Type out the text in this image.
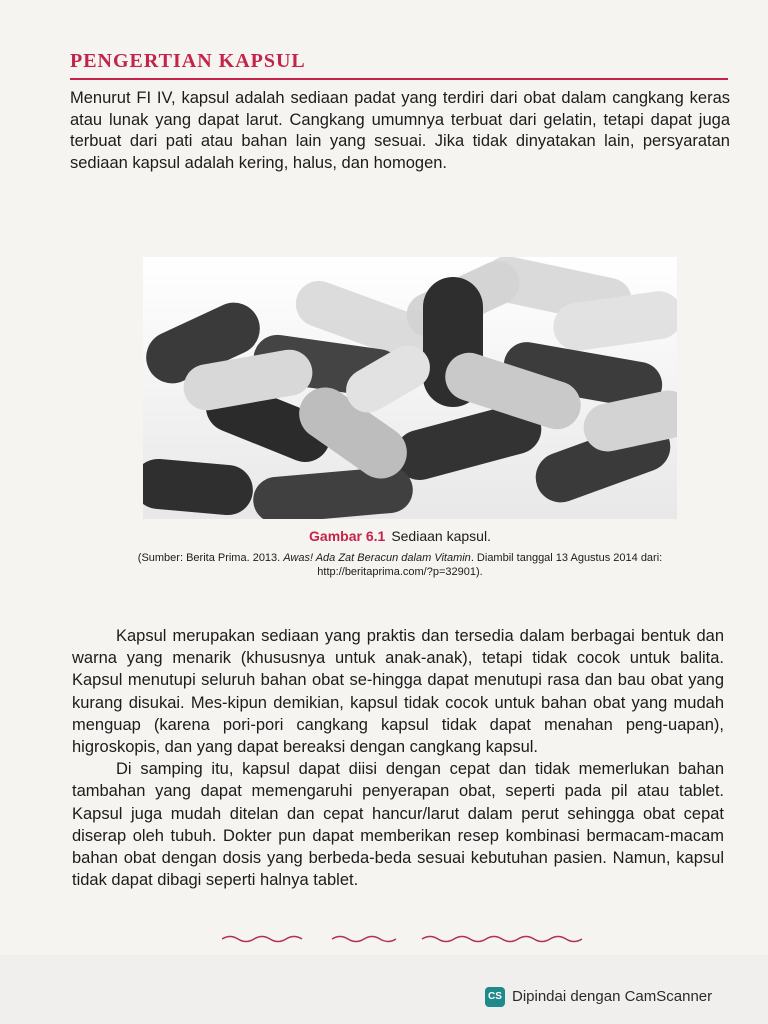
PENGERTIAN KAPSUL
Menurut FI IV, kapsul adalah sediaan padat yang terdiri dari obat dalam cangkang keras atau lunak yang dapat larut. Cangkang umumnya terbuat dari gelatin, tetapi dapat juga terbuat dari pati atau bahan lain yang sesuai. Jika tidak dinyatakan lain, persyaratan sediaan kapsul adalah kering, halus, dan homogen.
Gambar 6.1 Sediaan kapsul.
(Sumber: Berita Prima. 2013. Awas! Ada Zat Beracun dalam Vitamin. Diambil tanggal 13 Agustus 2014 dari: http://beritaprima.com/?p=32901).

Kapsul merupakan sediaan yang praktis dan tersedia dalam berbagai bentuk dan warna yang menarik (khususnya untuk anak-anak), tetapi tidak cocok untuk balita. Kapsul menutupi seluruh bahan obat se-hingga dapat menutupi rasa dan bau obat yang kurang disukai. Mes-kipun demikian, kapsul tidak cocok untuk bahan obat yang mudah menguap (karena pori-pori cangkang kapsul tidak dapat menahan peng-uapan), higroskopis, dan yang dapat bereaksi dengan cangkang kapsul.

Di samping itu, kapsul dapat diisi dengan cepat dan tidak memerlukan bahan tambahan yang dapat memengaruhi penyerapan obat, seperti pada pil atau tablet. Kapsul juga mudah ditelan dan cepat hancur/larut dalam perut sehingga obat cepat diserap oleh tubuh. Dokter pun dapat memberikan resep kombinasi bermacam-macam bahan obat dengan dosis yang berbeda-beda sesuai kebutuhan pasien. Namun, kapsul tidak dapat dibagi seperti halnya tablet.

CS Dipindai dengan CamScanner
